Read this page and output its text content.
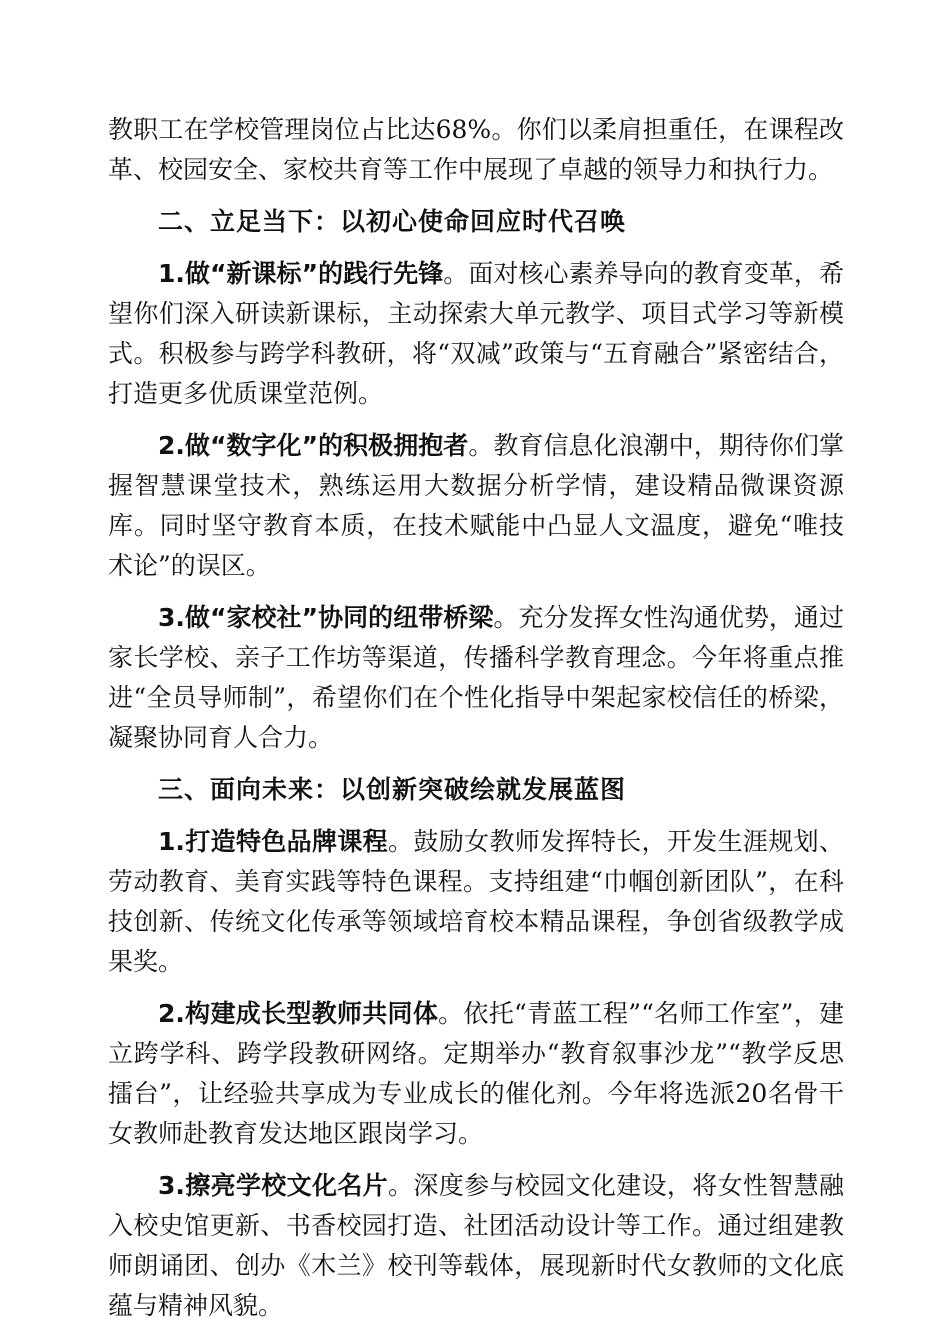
教职工在学校管理岗位占比达68%。你们以柔肩担重任，在课程改革、校园安全、家校共育等工作中展现了卓越的领导力和执行力。

二、立足当下：以初心使命回应时代召唤

1.做“新课标”的践行先锋。面对核心素养导向的教育变革，希望你们深入研读新课标，主动探索大单元教学、项目式学习等新模式。积极参与跨学科教研，将“双减”政策与“五育融合”紧密结合，打造更多优质课堂范例。

2.做“数字化”的积极拥抱者。教育信息化浪潮中，期待你们掌握智慧课堂技术，熟练运用大数据分析学情，建设精品微课资源库。同时坚守教育本质，在技术赋能中凸显人文温度，避免“唯技术论”的误区。

3.做“家校社”协同的纽带桥梁。充分发挥女性沟通优势，通过家长学校、亲子工作坊等渠道，传播科学教育理念。今年将重点推进“全员导师制”，希望你们在个性化指导中架起家校信任的桥梁，凝聚协同育人合力。

三、面向未来：以创新突破绘就发展蓝图

1.打造特色品牌课程。鼓励女教师发挥特长，开发生涯规划、劳动教育、美育实践等特色课程。支持组建“巾帼创新团队”，在科技创新、传统文化传承等领域培育校本精品课程，争创省级教学成果奖。

2.构建成长型教师共同体。依托“青蓝工程”“名师工作室”，建立跨学科、跨学段教研网络。定期举办“教育叙事沙龙”“教学反思擂台”，让经验共享成为专业成长的催化剂。今年将选派20名骨干女教师赴教育发达地区跟岗学习。

3.擦亮学校文化名片。深度参与校园文化建设，将女性智慧融入校史馆更新、书香校园打造、社团活动设计等工作。通过组建教师朗诵团、创办《木兰》校刊等载体，展现新时代女教师的文化底蕴与精神风貌。
